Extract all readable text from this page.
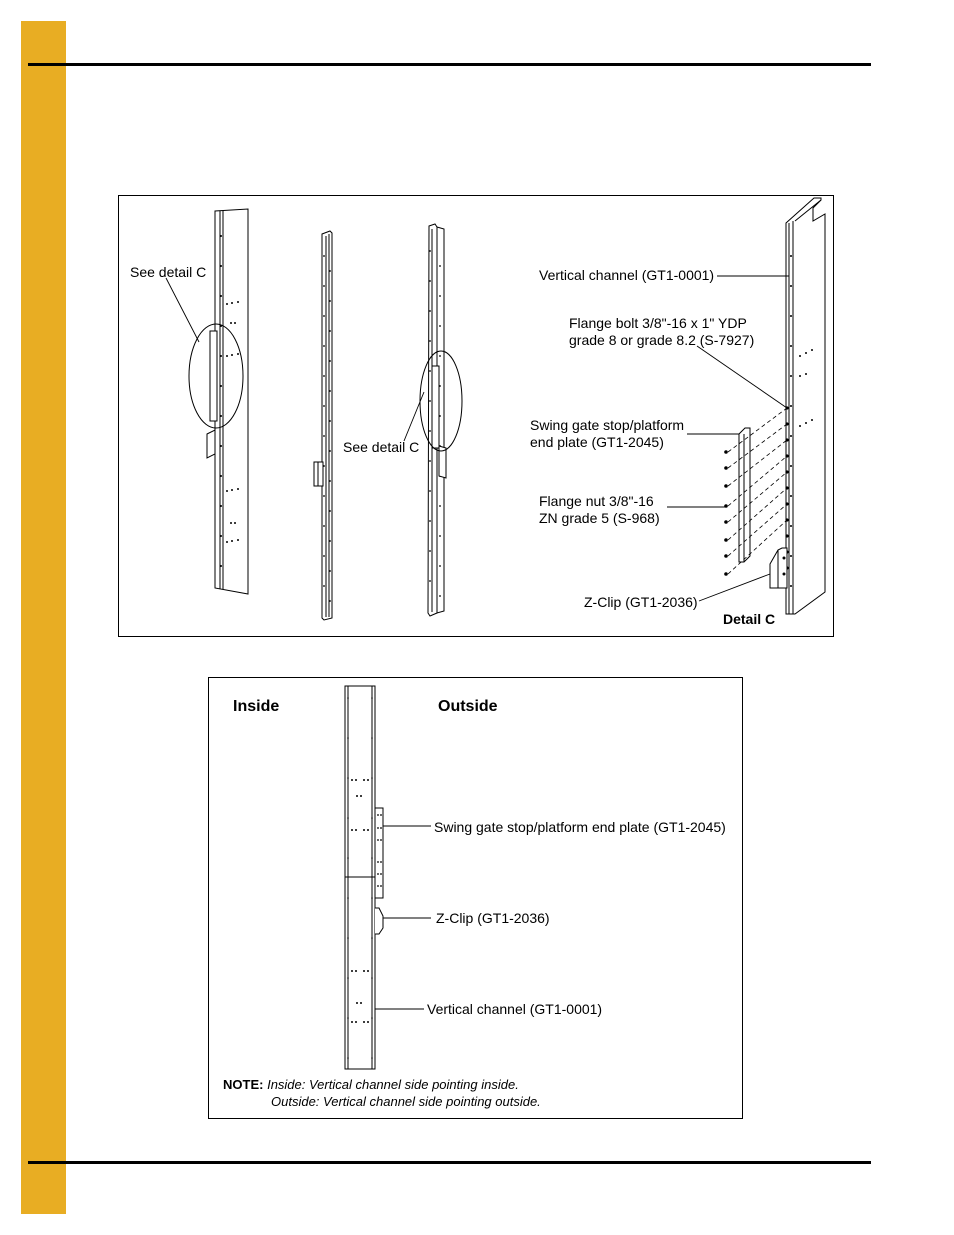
See detail C
See detail C
Vertical channel (GT1-0001)
Flange bolt 3/8"-16 x 1" YDP
grade 8 or grade 8.2 (S-7927)
Swing gate stop/platform
end plate (GT1-2045)
Flange nut 3/8"-16
ZN grade 5 (S-968)
Z-Clip (GT1-2036)
Detail C
Inside	Outside
Swing gate stop/platform end plate (GT1-2045)
Z-Clip (GT1-2036)
Vertical channel (GT1-0001)
NOTE: Inside: Vertical channel side pointing inside.
Outside: Vertical channel side pointing outside.
